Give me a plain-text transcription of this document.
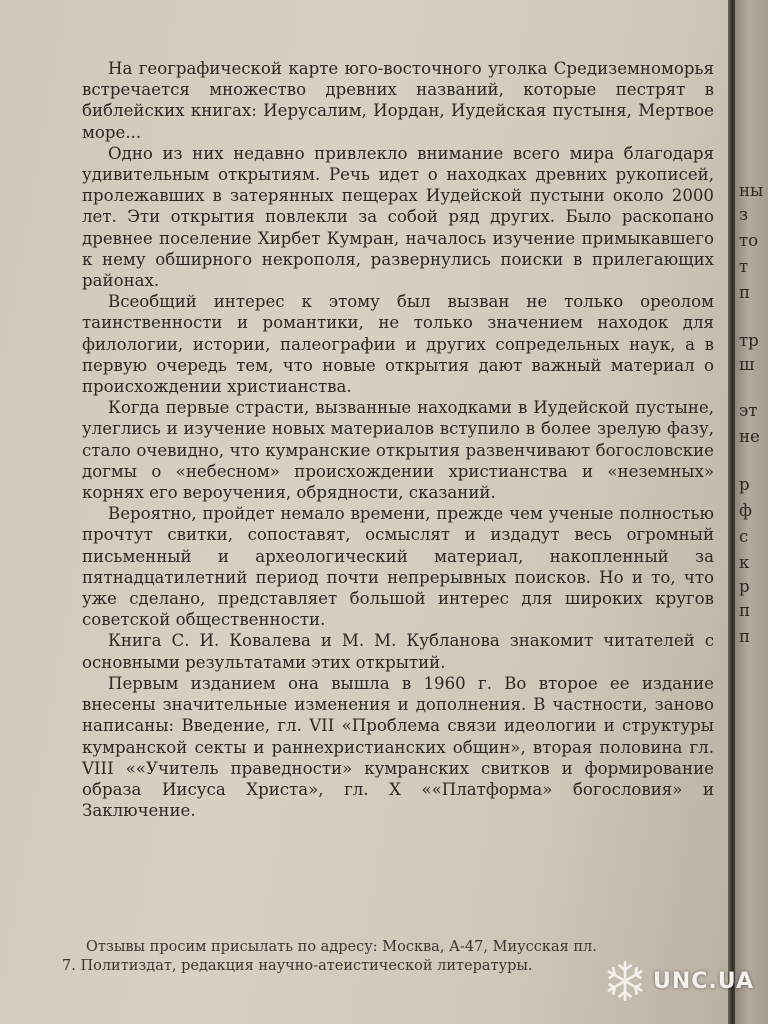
На географической карте юго-восточного уголка Средиземноморья встречается множество древних названий, которые пестрят в библейских книгах: Иерусалим, Иордан, Иудейская пустыня, Мертвое море...

Одно из них недавно привлекло внимание всего мира благодаря удивительным открытиям. Речь идет о находках древних рукописей, пролежавших в затерянных пещерах Иудейской пустыни около 2000 лет. Эти открытия повлекли за собой ряд других. Было раскопано древнее поселение Хирбет Кумран, началось изучение примыкавшего к нему обширного некрополя, развернулись поиски в прилегающих районах.

Всеобщий интерес к этому был вызван не только ореолом таинственности и романтики, не только значением находок для филологии, истории, палеографии и других сопредельных наук, а в первую очередь тем, что новые открытия дают важный материал о происхождении христианства.

Когда первые страсти, вызванные находками в Иудейской пустыне, улеглись и изучение новых материалов вступило в более зрелую фазу, стало очевидно, что кумранские открытия развенчивают богословские догмы о «небесном» происхождении христианства и «неземных» корнях его вероучения, обрядности, сказаний.

Вероятно, пройдет немало времени, прежде чем ученые полностью прочтут свитки, сопоставят, осмыслят и издадут весь огромный письменный и археологический материал, накопленный за пятнадцатилетний период почти непрерывных поисков. Но и то, что уже сделано, представляет большой интерес для широких кругов советской общественности.

Книга С. И. Ковалева и М. М. Кубланова знакомит читателей с основными результатами этих открытий.

Первым изданием она вышла в 1960 г. Во второе ее издание внесены значительные изменения и дополнения. В частности, заново написаны: Введение, гл. VII «Проблема связи идеологии и структуры кумранской секты и раннехристианских общин», вторая половина гл. VIII ««Учитель праведности» кумранских свитков и формирование образа Иисуса Христа», гл. X ««Платформа» богословия» и Заключение.

Отзывы просим присылать по адресу: Москва, А-47, Миусская пл.
7. Политиздат, редакция научно-атеистической литературы.
ны
з
то
т
п
тр
ш
эт
не
р
ф
с
к
р
п
п
UNC.UA
